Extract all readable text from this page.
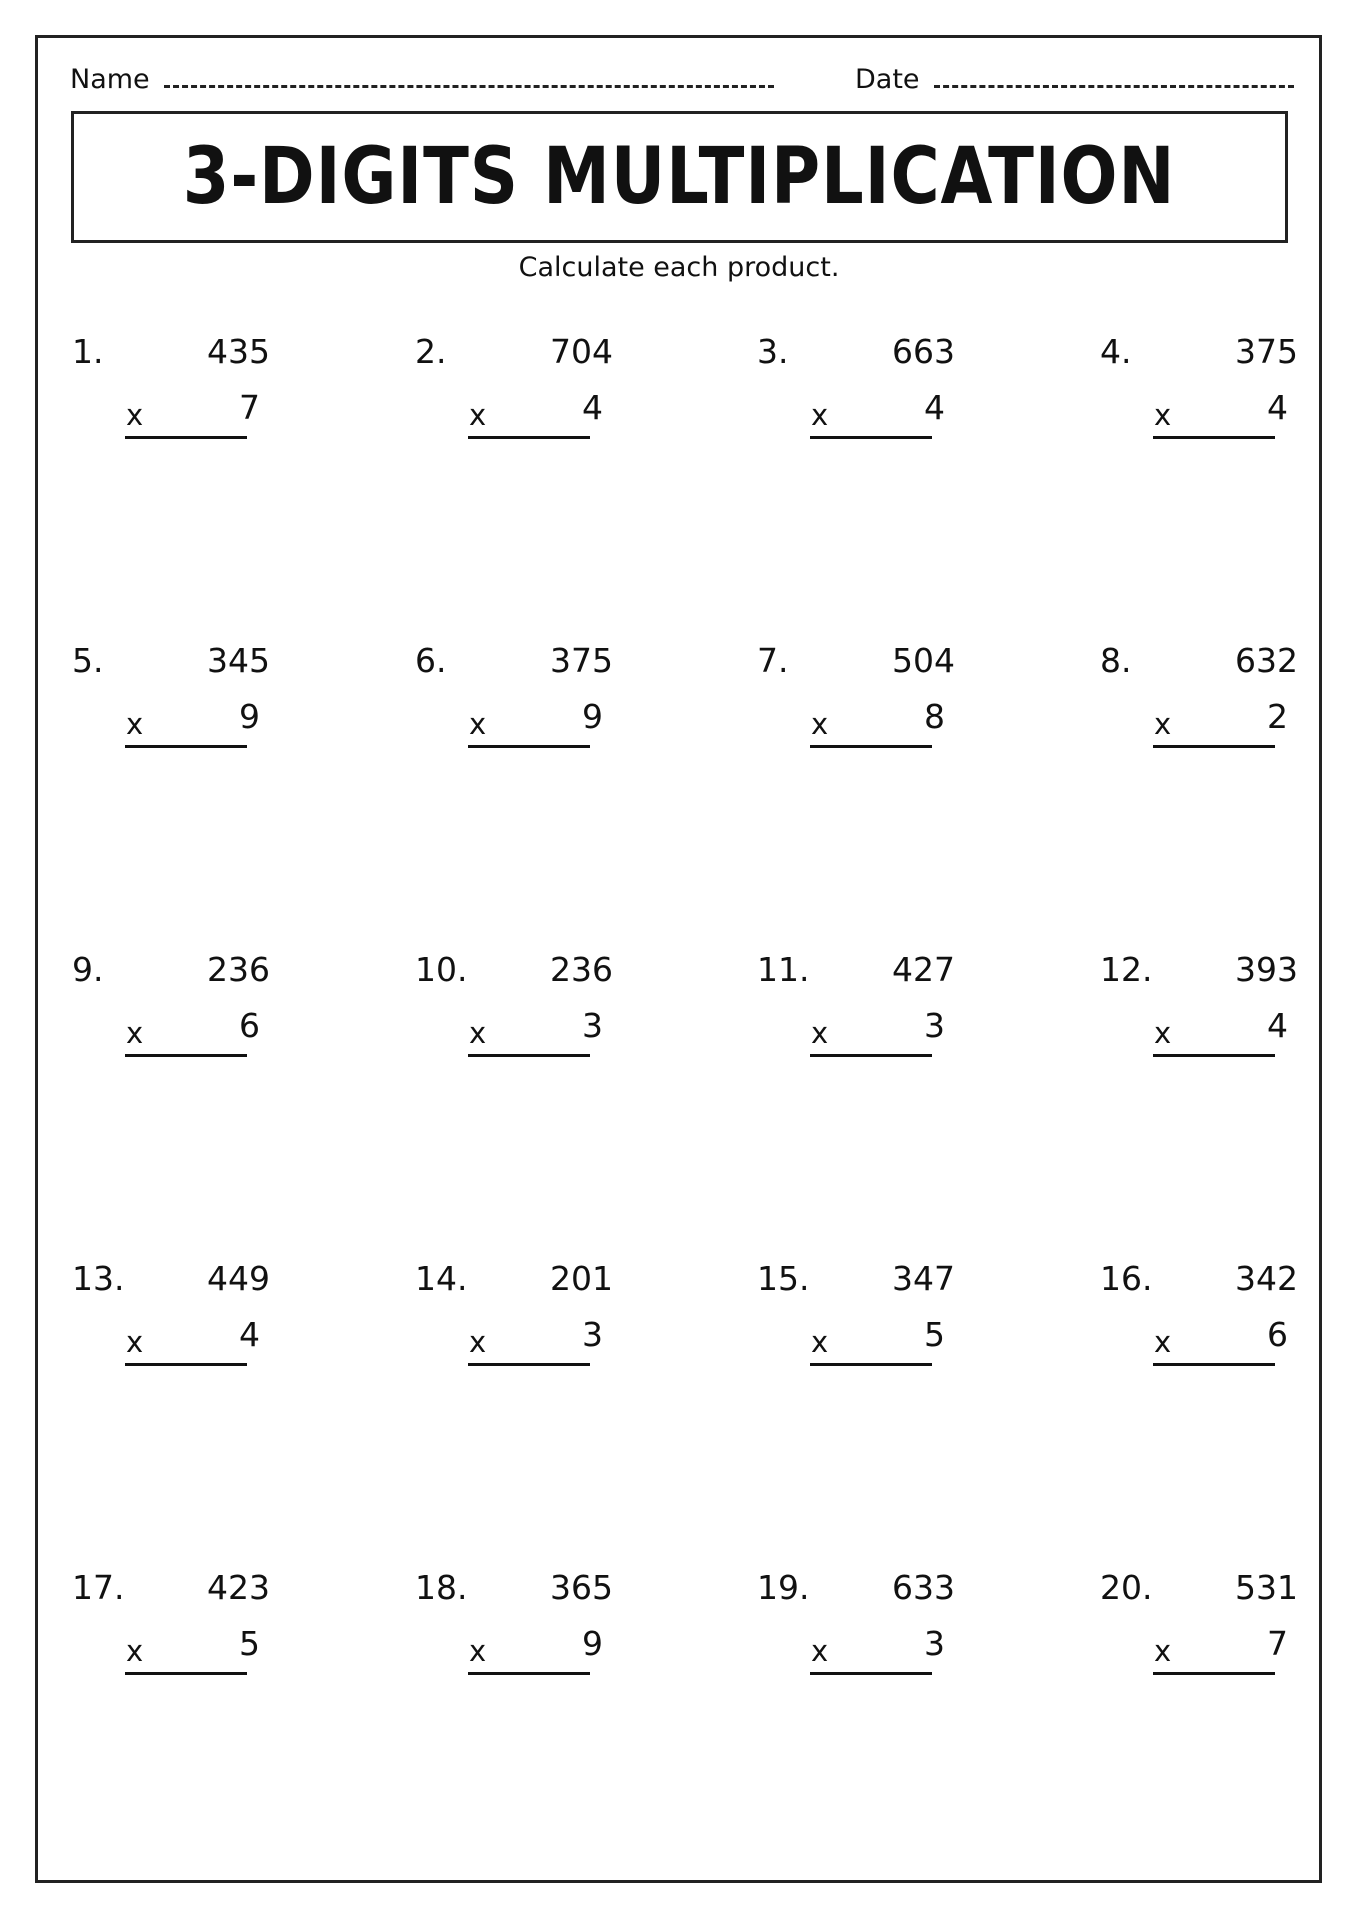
Name	Date
3-DIGITS MULTIPLICATION
Calculate each product.
1.	435
x	7
2.	704
x	4
3.	663
x	4
4.	375
x	4
5.	345
x	9
6.	375
x	9
7.	504
x	8
8.	632
x	2
9.	236
x	6
10.	236
x	3
11.	427
x	3
12.	393
x	4
13.	449
x	4
14.	201
x	3
15.	347
x	5
16.	342
x	6
17.	423
x	5
18.	365
x	9
19.	633
x	3
20.	531
x	7
